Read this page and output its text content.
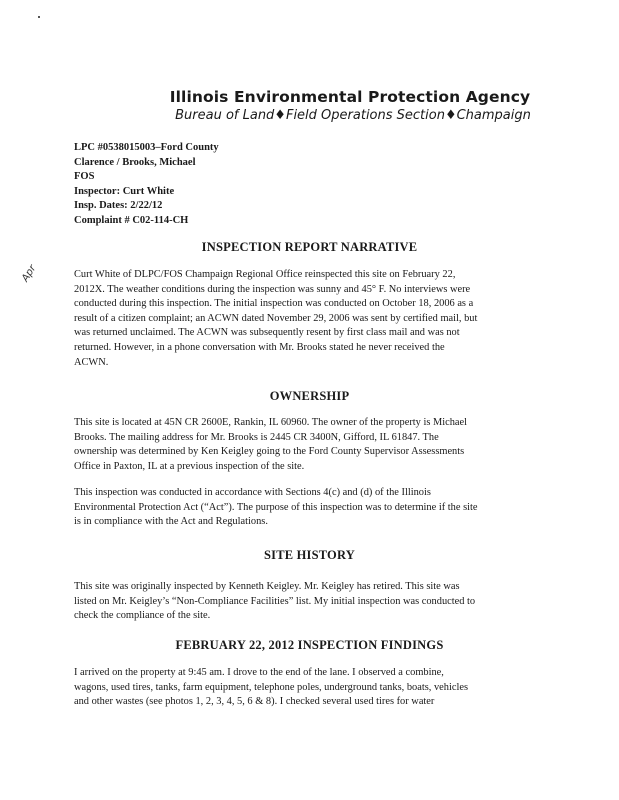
Illinois Environmental Protection Agency
Bureau of Land♦Field Operations Section♦Champaign
LPC #0538015003–Ford County
Clarence / Brooks, Michael
FOS
Inspector: Curt White
Insp. Dates: 2/22/12
Complaint # C02-114-CH
Apr
INSPECTION REPORT NARRATIVE
Curt White of DLPC/FOS Champaign Regional Office reinspected this site on February 22,
2012X. The weather conditions during the inspection was sunny and 45° F. No interviews were
conducted during this inspection. The initial inspection was conducted on October 18, 2006 as a
result of a citizen complaint; an ACWN dated November 29, 2006 was sent by certified mail, but
was returned unclaimed. The ACWN was subsequently resent by first class mail and was not
returned. However, in a phone conversation with Mr. Brooks stated he never received the
ACWN.
OWNERSHIP
This site is located at 45N CR 2600E, Rankin, IL 60960. The owner of the property is Michael
Brooks. The mailing address for Mr. Brooks is 2445 CR 3400N, Gifford, IL 61847. The
ownership was determined by Ken Keigley going to the Ford County Supervisor Assessments
Office in Paxton, IL at a previous inspection of the site.
This inspection was conducted in accordance with Sections 4(c) and (d) of the Illinois
Environmental Protection Act (“Act”). The purpose of this inspection was to determine if the site
is in compliance with the Act and Regulations.
SITE HISTORY
This site was originally inspected by Kenneth Keigley. Mr. Keigley has retired. This site was
listed on Mr. Keigley’s “Non-Compliance Facilities” list. My initial inspection was conducted to
check the compliance of the site.
FEBRUARY 22, 2012 INSPECTION FINDINGS
I arrived on the property at 9:45 am. I drove to the end of the lane. I observed a combine,
wagons, used tires, tanks, farm equipment, telephone poles, underground tanks, boats, vehicles
and other wastes (see photos 1, 2, 3, 4, 5, 6 & 8). I checked several used tires for water
